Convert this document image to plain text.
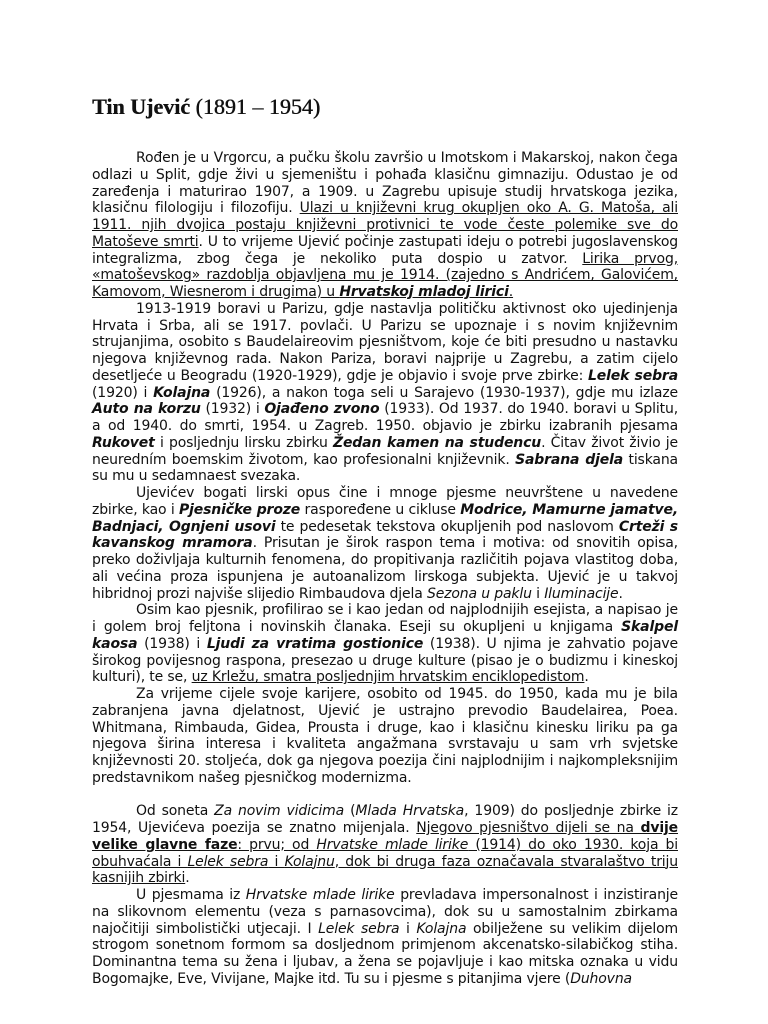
Tin Ujević (1891 – 1954)

Rođen je u Vrgorcu, a pučku školu završio u Imotskom i Makarskoj, nakon čega odlazi u Split, gdje živi u sjemeništu i pohađa klasičnu gimnaziju. Odustao je od zaređenja i maturirao 1907, a 1909. u Zagrebu upisuje studij hrvatskoga jezika, klasičnu filologiju i filozofiju. Ulazi u književni krug okupljen oko A. G. Matoša, ali 1911. njih dvojica postaju književni protivnici te vode česte polemike sve do Matoševe smrti. U to vrijeme Ujević počinje zastupati ideju o potrebi jugoslavenskog integralizma, zbog čega je nekoliko puta dospio u zatvor. Lirika prvog, «matoševskog» razdoblja objavljena mu je 1914. (zajedno s Andrićem, Galovićem, Kamovom, Wiesnerom i drugima) u Hrvatskoj mladoj lirici.

1913-1919 boravi u Parizu, gdje nastavlja političku aktivnost oko ujedinjenja Hrvata i Srba, ali se 1917. povlači. U Parizu se upoznaje i s novim književnim strujanjima, osobito s Baudelaireovim pjesništvom, koje će biti presudno u nastavku njegova književnog rada. Nakon Pariza, boravi najprije u Zagrebu, a zatim cijelo desetljeće u Beogradu (1920-1929), gdje je objavio i svoje prve zbirke: Lelek sebra (1920) i Kolajna (1926), a nakon toga seli u Sarajevo (1930-1937), gdje mu izlaze Auto na korzu (1932) i Ojađeno zvono (1933). Od 1937. do 1940. boravi u Splitu, a od 1940. do smrti, 1954. u Zagreb. 1950. objavio je zbirku izabranih pjesama Rukovet i posljednju lirsku zbirku Žedan kamen na studencu. Čitav život živio je neuredním boemskim životom, kao profesionalni književnik. Sabrana djela tiskana su mu u sedamnaest svezaka.

Ujevićev bogati lirski opus čine i mnoge pjesme neuvrštene u navedene zbirke, kao i Pjesničke proze raspoređene u cikluse Modrice, Mamurne jamatve, Badnjaci, Ognjeni usovi te pedesetak tekstova okupljenih pod naslovom Crteži s kavanskog mramora. Prisutan je širok raspon tema i motiva: od snovitih opisa, preko doživljaja kulturnih fenomena, do propitivanja različitih pojava vlastitog doba, ali većina proza ispunjena je autoanalizom lirskoga subjekta. Ujević je u takvoj hibridnoj prozi najviše slijedio Rimbaudova djela Sezona u paklu i Iluminacije.

Osim kao pjesnik, profilirao se i kao jedan od najplodnijih esejista, a napisao je i golem broj feljtona i novinskih članaka. Eseji su okupljeni u knjigama Skalpel kaosa (1938) i Ljudi za vratima gostionice (1938). U njima je zahvatio pojave širokog povijesnog raspona, presezao u druge kulture (pisao je o budizmu i kineskoj kulturi), te se, uz Krležu, smatra posljednjim hrvatskim enciklopedistom.

Za vrijeme cijele svoje karijere, osobito od 1945. do 1950, kada mu je bila zabranjena javna djelatnost, Ujević je ustrajno prevodio Baudelairea, Poea. Whitmana, Rimbauda, Gidea, Prousta i druge, kao i klasičnu kinesku liriku pa ga njegova širina interesa i kvaliteta angažmana svrstavaju u sam vrh svjetske književnosti 20. stoljeća, dok ga njegova poezija čini najplodnijim i najkompleksnijim predstavnikom našeg pjesničkog modernizma.

Od soneta Za novim vidicima (Mlada Hrvatska, 1909) do posljednje zbirke iz 1954, Ujevićeva poezija se znatno mijenjala. Njegovo pjesništvo dijeli se na dvije velike glavne faze: prvu; od Hrvatske mlade lirike (1914) do oko 1930. koja bi obuhvaćala i Lelek sebra i Kolajnu, dok bi druga faza označavala stvaralaštvo triju kasnijih zbirki.

U pjesmama iz Hrvatske mlade lirike prevladava impersonalnost i inzistiranje na slikovnom elementu (veza s parnasovcima), dok su u samostalnim zbirkama najočitiji simbolistički utjecaji. I Lelek sebra i Kolajna obilježene su velikim dijelom strogom sonetnom formom sa dosljednom primjenom akcenatsko-silabičkog stiha. Dominantna tema su žena i ljubav, a žena se pojavljuje i kao mitska oznaka u vidu Bogomajke, Eve, Vivijane, Majke itd. Tu su i pjesme s pitanjima vjere (Duhovna
